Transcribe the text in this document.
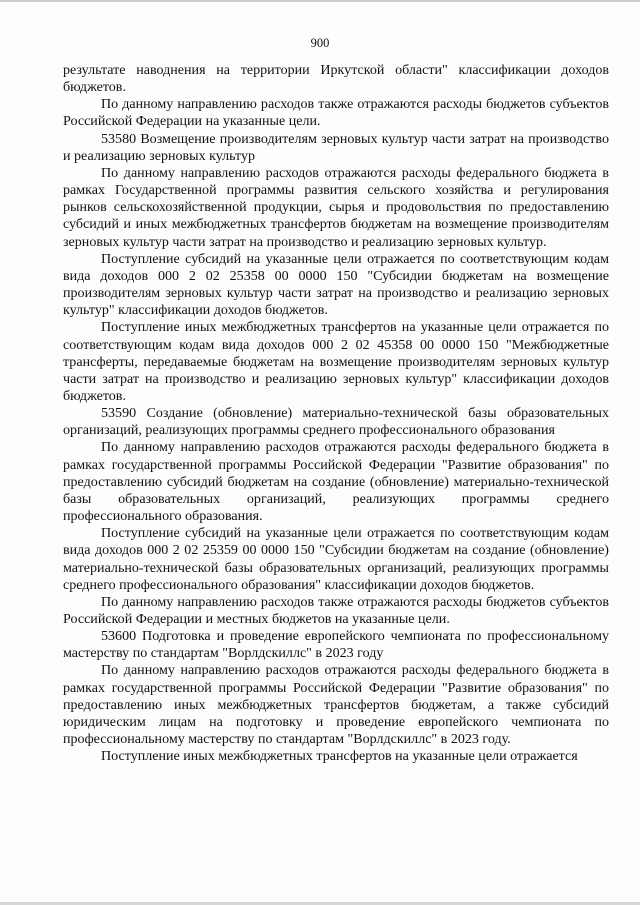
900

результате наводнения на территории Иркутской области" классификации доходов бюджетов.

По данному направлению расходов также отражаются расходы бюджетов субъектов Российской Федерации на указанные цели.

53580 Возмещение производителям зерновых культур части затрат на производство и реализацию зерновых культур

По данному направлению расходов отражаются расходы федерального бюджета в рамках Государственной программы развития сельского хозяйства и регулирования рынков сельскохозяйственной продукции, сырья и продовольствия по предоставлению субсидий и иных межбюджетных трансфертов бюджетам на возмещение производителям зерновых культур части затрат на производство и реализацию зерновых культур.

Поступление субсидий на указанные цели отражается по соответствующим кодам вида доходов 000 2 02 25358 00 0000 150 "Субсидии бюджетам на возмещение производителям зерновых культур части затрат на производство и реализацию зерновых культур" классификации доходов бюджетов.

Поступление иных межбюджетных трансфертов на указанные цели отражается по соответствующим кодам вида доходов 000 2 02 45358 00 0000 150 "Межбюджетные трансферты, передаваемые бюджетам на возмещение производителям зерновых культур части затрат на производство и реализацию зерновых культур" классификации доходов бюджетов.

53590 Создание (обновление) материально-технической базы образовательных организаций, реализующих программы среднего профессионального образования

По данному направлению расходов отражаются расходы федерального бюджета в рамках государственной программы Российской Федерации "Развитие образования" по предоставлению субсидий бюджетам на создание (обновление) материально-технической базы образовательных организаций, реализующих программы среднего профессионального образования.

Поступление субсидий на указанные цели отражается по соответствующим кодам вида доходов 000 2 02 25359 00 0000 150 "Субсидии бюджетам на создание (обновление) материально-технической базы образовательных организаций, реализующих программы среднего профессионального образования" классификации доходов бюджетов.

По данному направлению расходов также отражаются расходы бюджетов субъектов Российской Федерации и местных бюджетов на указанные цели.

53600 Подготовка и проведение европейского чемпионата по профессиональному мастерству по стандартам "Ворлдскиллс" в 2023 году

По данному направлению расходов отражаются расходы федерального бюджета в рамках государственной программы Российской Федерации "Развитие образования" по предоставлению иных межбюджетных трансфертов бюджетам, а также субсидий юридическим лицам на подготовку и проведение европейского чемпионата по профессиональному мастерству по стандартам "Ворлдскиллс" в 2023 году.

Поступление иных межбюджетных трансфертов на указанные цели отражается
